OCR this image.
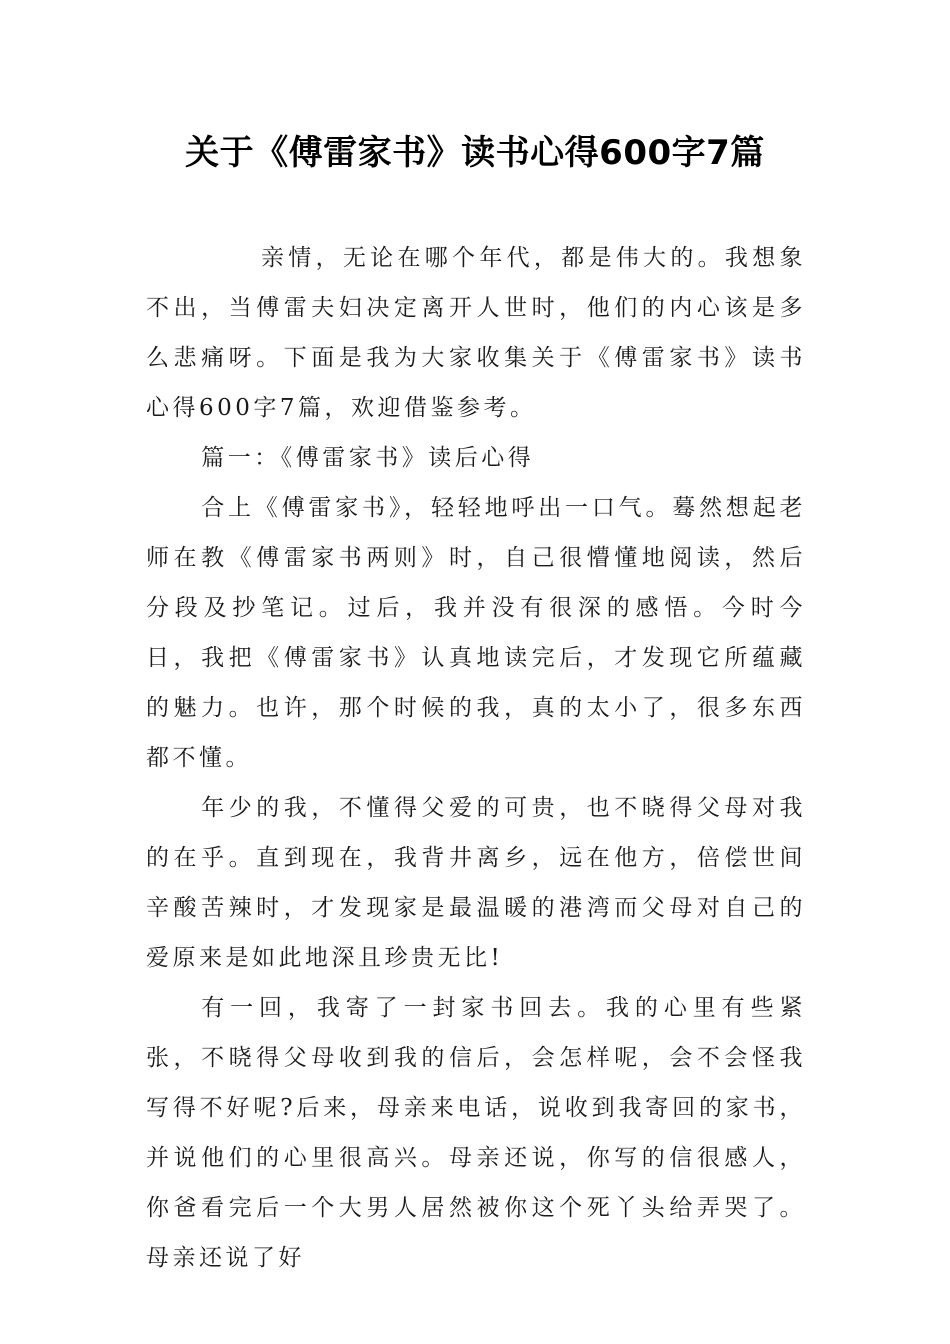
关于《傅雷家书》读书心得600字7篇

亲情，无论在哪个年代，都是伟大的。我想象不出，当傅雷夫妇决定离开人世时，他们的内心该是多么悲痛呀。下面是我为大家收集关于《傅雷家书》读书心得600字7篇，欢迎借鉴参考。

篇一：《傅雷家书》读后心得

合上《傅雷家书》，轻轻地呼出一口气。蓦然想起老师在教《傅雷家书两则》时，自己很懵懂地阅读，然后分段及抄笔记。过后，我并没有很深的感悟。今时今日，我把《傅雷家书》认真地读完后，才发现它所蕴藏的魅力。也许，那个时候的我，真的太小了，很多东西都不懂。

年少的我，不懂得父爱的可贵，也不晓得父母对我的在乎。直到现在，我背井离乡，远在他方，倍偿世间辛酸苦辣时，才发现家是最温暖的港湾而父母对自己的爱原来是如此地深且珍贵无比!

有一回，我寄了一封家书回去。我的心里有些紧张，不晓得父母收到我的信后，会怎样呢，会不会怪我写得不好呢?后来，母亲来电话，说收到我寄回的家书，并说他们的心里很高兴。母亲还说，你写的信很感人，你爸看完后一个大男人居然被你这个死丫头给弄哭了。母亲还说了好
